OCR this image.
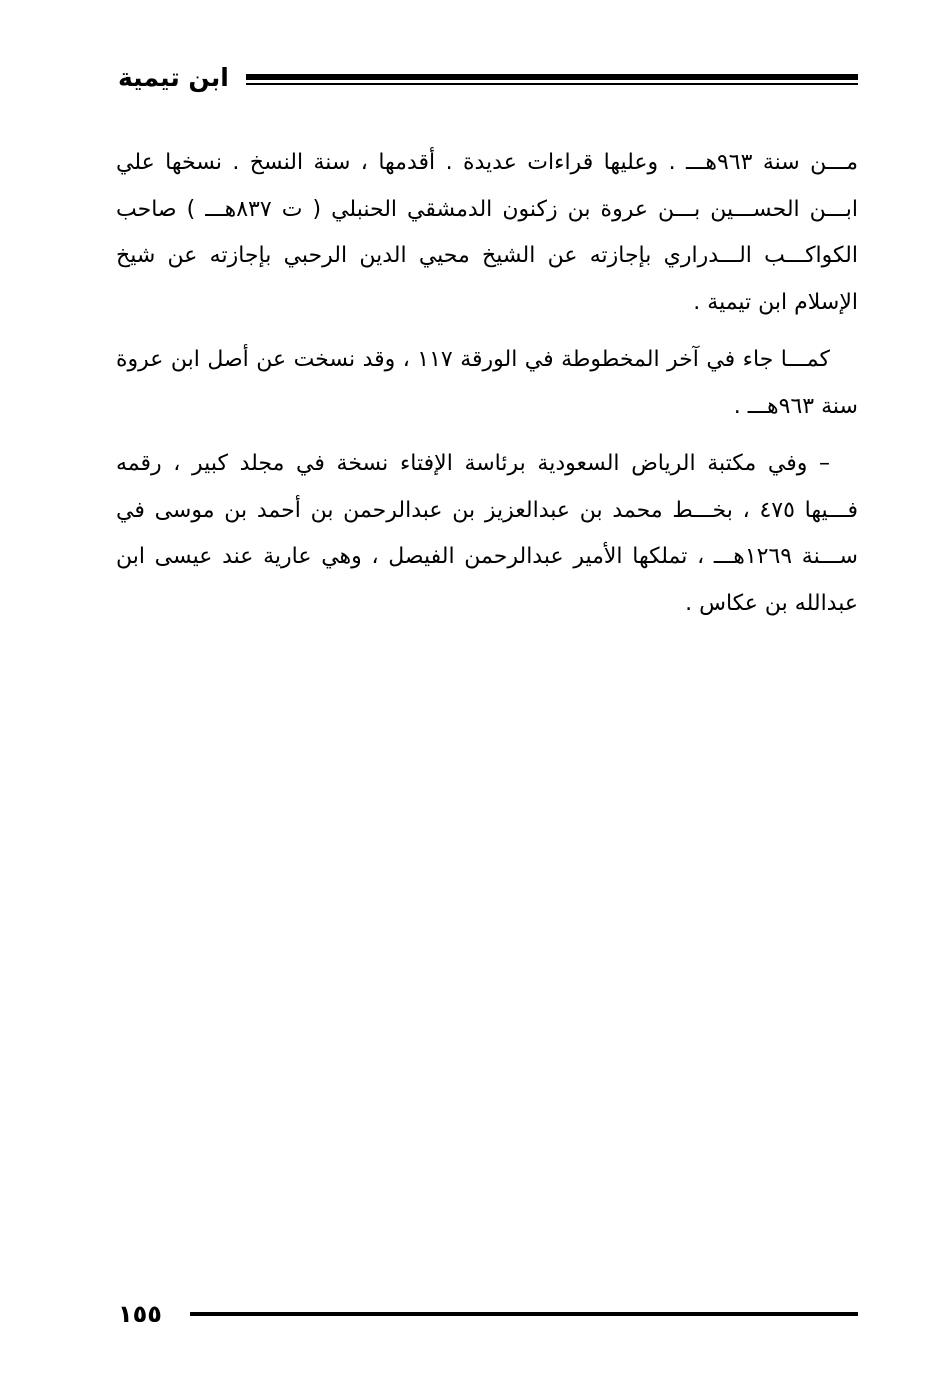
ابن تيمية

مـــن سنة ٩٦٣هـــ . وعليها قراءات عديدة . أقدمها ، سنة النسخ . نسخها علي ابـــن الحســـين بـــن عروة بن زكنون الدمشقي الحنبلي ( ت ٨٣٧هـــ ) صاحب الكواكـــب الـــدراري بإجازته عن الشيخ محيي الدين الرحبي بإجازته عن شيخ الإسلام ابن تيمية .

كمـــا جاء في آخر المخطوطة في الورقة ١١٧ ، وقد نسخت عن أصل ابن عروة سنة ٩٦٣هـــ .

– وفي مكتبة الرياض السعودية برئاسة الإفتاء نسخة في مجلد كبير ، رقمه فـــيها ٤٧٥ ، بخـــط محمد بن عبدالعزيز بن عبدالرحمن بن أحمد بن موسى في ســـنة ١٢٦٩هـــ ، تملكها الأمير عبدالرحمن الفيصل ، وهي عارية عند عيسى ابن عبدالله بن عكاس .

١٥٥
